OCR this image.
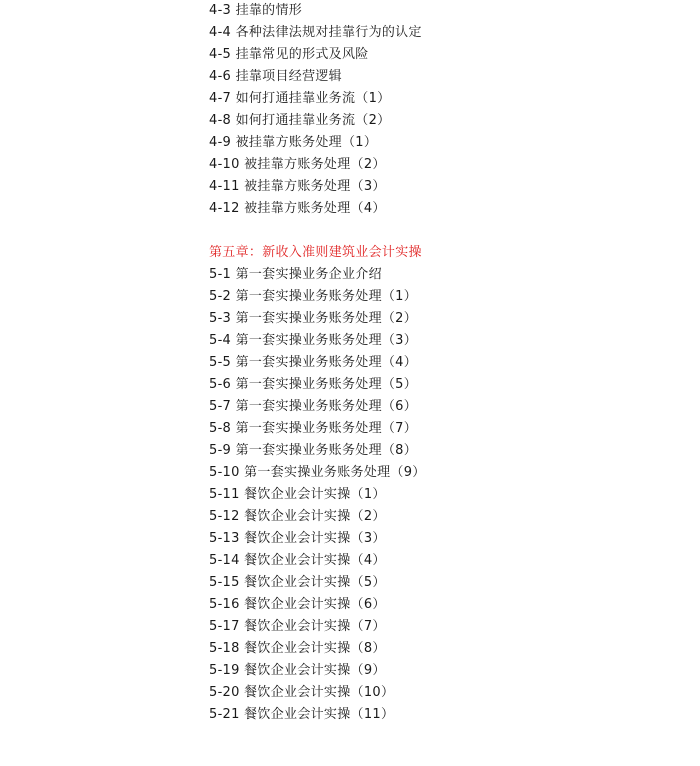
4-3 挂靠的情形
4-4 各种法律法规对挂靠行为的认定
4-5 挂靠常见的形式及风险
4-6 挂靠项目经营逻辑
4-7 如何打通挂靠业务流（1）
4-8 如何打通挂靠业务流（2）
4-9 被挂靠方账务处理（1）
4-10 被挂靠方账务处理（2）
4-11 被挂靠方账务处理（3）
4-12 被挂靠方账务处理（4）
第五章：新收入准则建筑业会计实操
5-1 第一套实操业务企业介绍
5-2 第一套实操业务账务处理（1）
5-3 第一套实操业务账务处理（2）
5-4 第一套实操业务账务处理（3）
5-5 第一套实操业务账务处理（4）
5-6 第一套实操业务账务处理（5）
5-7 第一套实操业务账务处理（6）
5-8 第一套实操业务账务处理（7）
5-9 第一套实操业务账务处理（8）
5-10 第一套实操业务账务处理（9）
5-11 餐饮企业会计实操（1）
5-12 餐饮企业会计实操（2）
5-13 餐饮企业会计实操（3）
5-14 餐饮企业会计实操（4）
5-15 餐饮企业会计实操（5）
5-16 餐饮企业会计实操（6）
5-17 餐饮企业会计实操（7）
5-18 餐饮企业会计实操（8）
5-19 餐饮企业会计实操（9）
5-20 餐饮企业会计实操（10）
5-21 餐饮企业会计实操（11）
